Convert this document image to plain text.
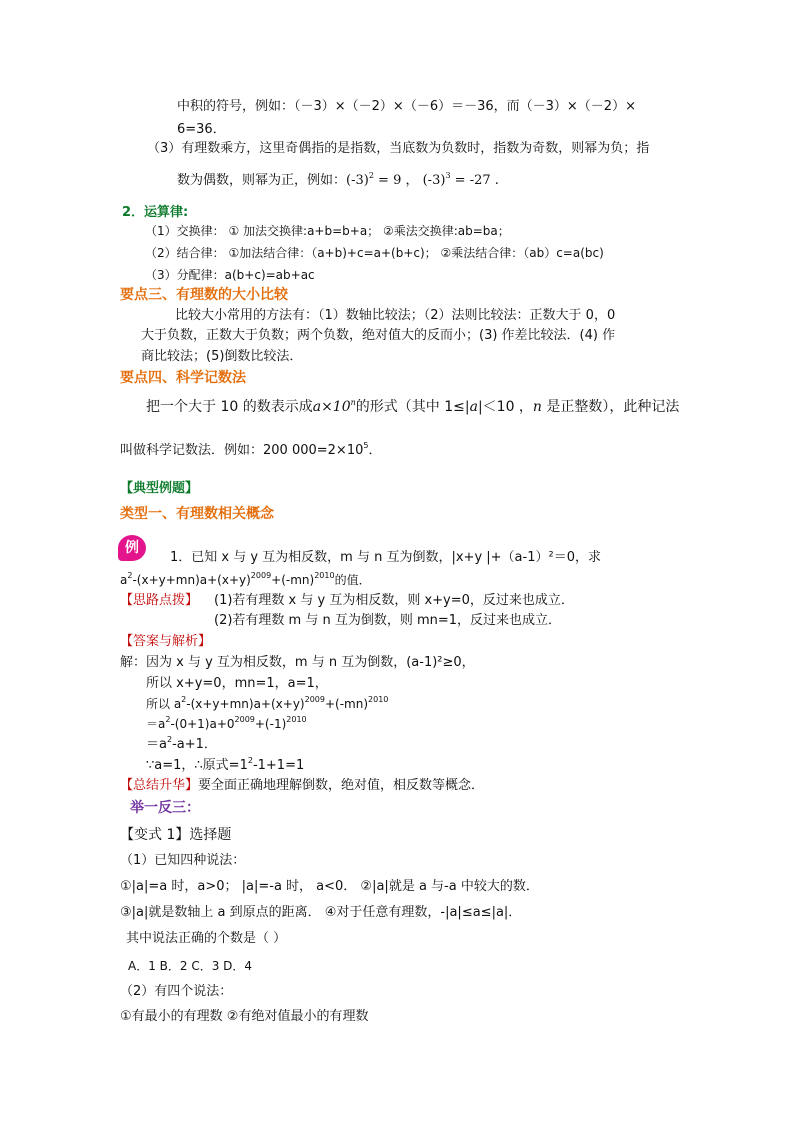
中积的符号，例如：（－3）×（－2）×（－6）＝－36，而（－3）×（－2）×
6=36．
（3）有理数乘方，这里奇偶指的是指数，当底数为负数时，指数为奇数，则幂为负；指
数为偶数，则幂为正，例如：$(-3)^2 = 9$ ， $(-3)^3 = -27$ .
2．运算律:
（1）交换律： ① 加法交换律:a+b=b+a； ②乘法交换律:ab=ba；
（2）结合律： ①加法结合律：（a+b)+c=a+(b+c)； ②乘法结合律：（ab）c=a(bc)
（3）分配律：a(b+c)=ab+ac
要点三、有理数的大小比较
比较大小常用的方法有：（1）数轴比较法；（2）法则比较法：正数大于 0，0
大于负数，正数大于负数；两个负数，绝对值大的反而小；(3) 作差比较法．(4) 作
商比较法；(5)倒数比较法．
要点四、科学记数法
把一个大于 10 的数表示成$a\times 10^n$的形式（其中 1≤|a|＜10 ，n 是正整数），此种记法
叫做科学记数法．例如：200 $000=2\times 10^5$．
【典型例题】
类型一、有理数相关概念
例
1．已知 x 与 y 互为相反数，m 与 n 互为倒数，|x+y |+（a-1）²＝0，求
$a^2-(x+y+mn)a+(x+y)^{2009}+(-mn)^{2010}$的值．
【思路点拨】 (1)若有理数 x 与 y 互为相反数，则 x+y=0，反过来也成立．
(2)若有理数 m 与 n 互为倒数，则 mn=1，反过来也成立．
【答案与解析】
解：因为 x 与 y 互为相反数，m 与 n 互为倒数，(a-1)²≥0，
所以 x+y=0，mn=1，a=1，
所以 $a^2-(x+y+mn)a+(x+y)^{2009}+(-mn)^{2010}$
$=a^2-(0+1)a+0^{2009}+(-1)^{2010}$
$=a^2-a+1$．
∵a=1，∴原式$=1^2-1+1=1$
【总结升华】要全面正确地理解倒数，绝对值，相反数等概念．
举一反三：
【变式 1】选择题
（1）已知四种说法：
①|a|=a 时，a>0； |a|=-a 时， a<0． ②|a|就是 a 与-a 中较大的数．
③|a|就是数轴上 a 到原点的距离． ④对于任意有理数，-|a|≤a≤|a|．
其中说法正确的个数是（ ）
A．1 B．2 C．3 D．4
（2）有四个说法：
①有最小的有理数 ②有绝对值最小的有理数
